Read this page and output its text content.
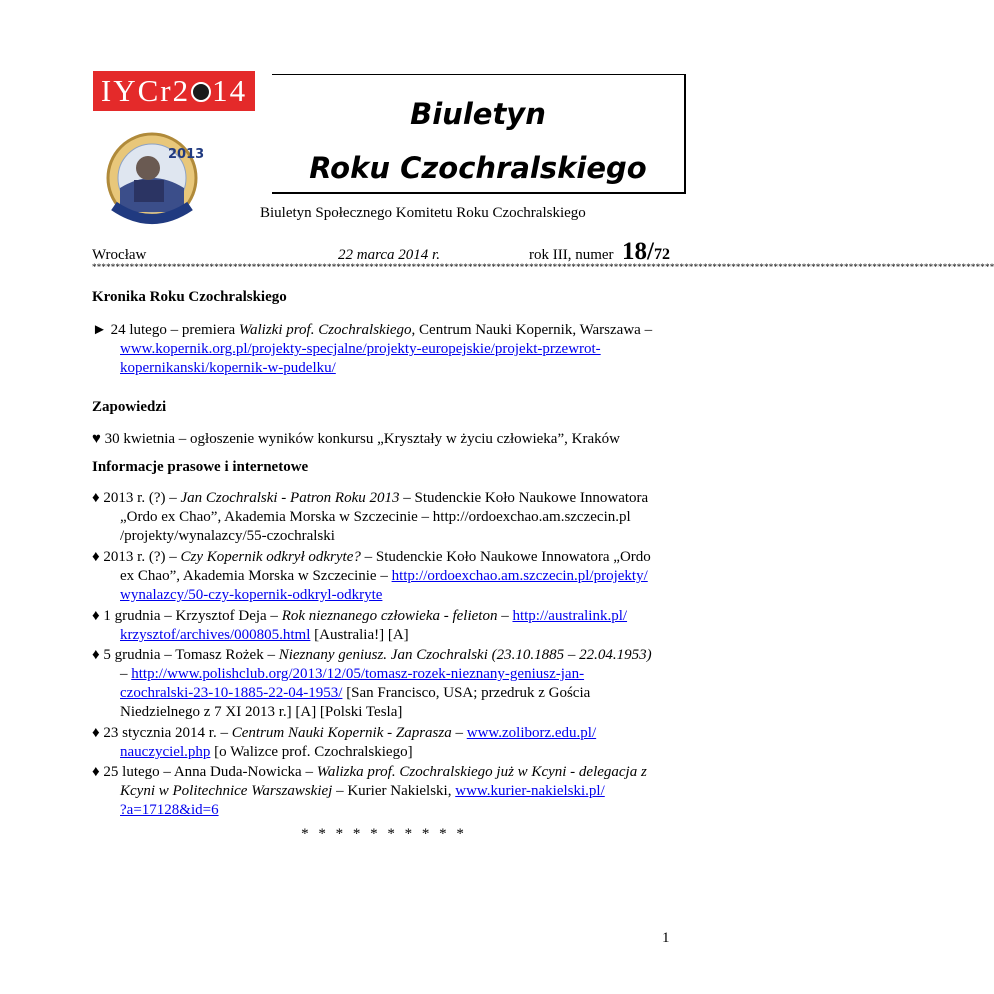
I Y C r 2 1 4
2013
Biuletyn
Roku Czochralskiego
Biuletyn Społecznego Komitetu Roku Czochralskiego
Wrocław	22 marca 2014 r.	rok III, numer 18/72
************************************************************************************************************************************************************************************************
Kronika Roku Czochralskiego
► 24 lutego – premiera Walizki prof. Czochralskiego, Centrum Nauki Kopernik, Warszawa –
www.kopernik.org.pl/projekty-specjalne/projekty-europejskie/projekt-przewrot-
kopernikanski/kopernik-w-pudelku/
Zapowiedzi
♥ 30 kwietnia – ogłoszenie wyników konkursu „Kryształy w życiu człowieka”, Kraków
Informacje prasowe i internetowe
♦ 2013 r. (?) – Jan Czochralski - Patron Roku 2013 – Studenckie Koło Naukowe Innowatora
„Ordo ex Chao”, Akademia Morska w Szczecinie – http://ordoexchao.am.szczecin.pl
/projekty/wynalazcy/55-czochralski
♦ 2013 r. (?) – Czy Kopernik odkrył odkryte? – Studenckie Koło Naukowe Innowatora „Ordo
ex Chao”, Akademia Morska w Szczecinie – http://ordoexchao.am.szczecin.pl/projekty/
wynalazcy/50-czy-kopernik-odkryl-odkryte
♦ 1 grudnia – Krzysztof Deja – Rok nieznanego człowieka - felieton – http://australink.pl/
krzysztof/archives/000805.html [Australia!] [A]
♦ 5 grudnia – Tomasz Rożek – Nieznany geniusz. Jan Czochralski (23.10.1885 – 22.04.1953)
– http://www.polishclub.org/2013/12/05/tomasz-rozek-nieznany-geniusz-jan-
czochralski-23-10-1885-22-04-1953/ [San Francisco, USA; przedruk z Gościa
Niedzielnego z 7 XI 2013 r.] [A] [Polski Tesla]
♦ 23 stycznia 2014 r. – Centrum Nauki Kopernik - Zaprasza – www.zoliborz.edu.pl/
nauczyciel.php [o Walizce prof. Czochralskiego]
♦ 25 lutego – Anna Duda-Nowicka – Walizka prof. Czochralskiego już w Kcyni - delegacja z
Kcyni w Politechnice Warszawskiej – Kurier Nakielski, www.kurier-nakielski.pl/
?a=17128&id=6
* * * * * * * * * *
1
